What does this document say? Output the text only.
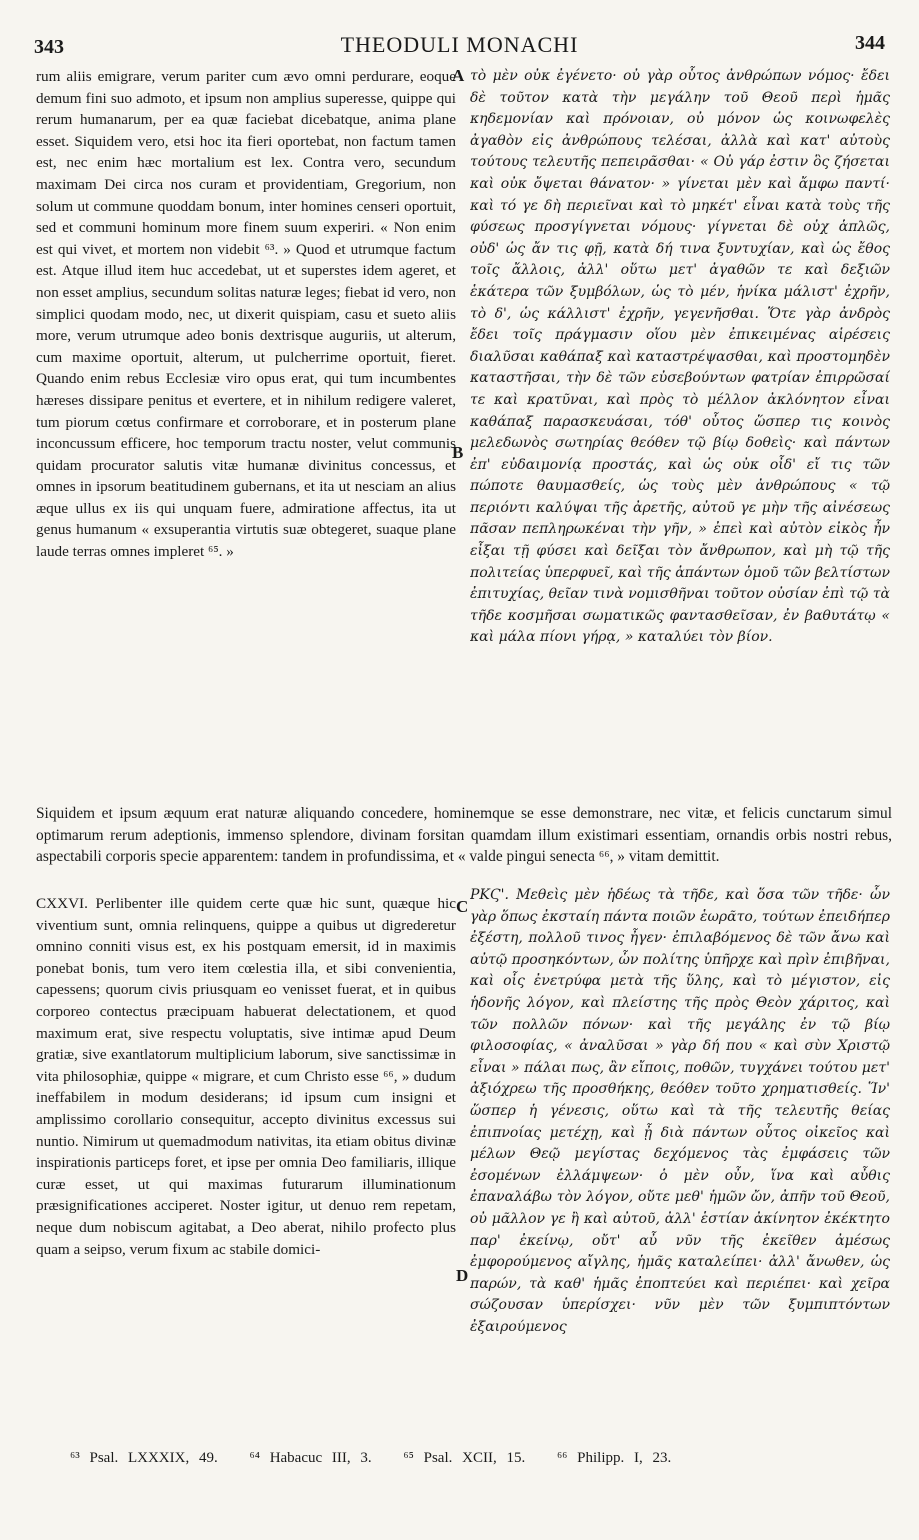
343	THEODULI MONACHI	344
A
B
C
D
rum aliis emigrare, verum pariter cum ævo omni perdurare, eoque demum fini suo admoto, et ipsum non amplius superesse, quippe qui rerum humanarum, per ea quæ faciebat dicebatque, anima plane esset. Siquidem vero, etsi hoc ita fieri oportebat, non factum tamen est, nec enim hæc mortalium est lex. Contra vero, secundum maximam Dei circa nos curam et providentiam, Gregorium, non solum ut commune quoddam bonum, inter homines censeri oportuit, sed et communi hominum more finem suum experiri. « Non enim est qui vivet, et mortem non videbit ⁶³. » Quod et utrumque factum est. Atque illud item huc accedebat, ut et superstes idem ageret, et non esset amplius, secundum solitas naturæ leges; fiebat id vero, non simplici quodam modo, nec, ut dixerit quispiam, casu et sueto aliis more, verum utrumque adeo bonis dextrisque auguriis, ut alterum, cum maxime oportuit, alterum, ut pulcherrime oportuit, fieret. Quando enim rebus Ecclesiæ viro opus erat, qui tum incumbentes hæreses dissipare penitus et evertere, et in nihilum redigere valeret, tum piorum cœtus confirmare et corroborare, et in posterum plane inconcussum efficere, hoc temporum tractu noster, velut communis quidam procurator salutis vitæ humanæ divinitus concessus, et omnes in ipsorum beatitudinem gubernans, et ita ut nesciam an alius æque ullus ex iis qui unquam fuere, admiratione affectus, ita ut genus humanum « exsuperantia virtutis suæ obtegeret, suaque plane laude terras omnes impleret ⁶⁵. »
τὸ μὲν οὐκ ἐγένετο· οὐ γὰρ οὗτος ἀνθρώπων νόμος· ἔδει δὲ τοῦτον κατὰ τὴν μεγάλην τοῦ Θεοῦ περὶ ἡμᾶς κηδεμονίαν καὶ πρόνοιαν, οὐ μόνον ὡς κοινωφελὲς ἀγαθὸν εἰς ἀνθρώπους τελέσαι, ἀλλὰ καὶ κατ' αὐτοὺς τούτους τελευτῆς πεπειρᾶσθαι· « Οὐ γάρ ἐστιν ὃς ζήσεται καὶ οὐκ ὄψεται θάνατον· » γίνεται μὲν καὶ ἄμφω παντί· καὶ τό γε δὴ περιεῖναι καὶ τὸ μηκέτ' εἶναι κατὰ τοὺς τῆς φύσεως προσγίγνεται νόμους· γίγνεται δὲ οὐχ ἁπλῶς, οὐδ' ὡς ἄν τις φῇ, κατὰ δή τινα ξυντυχίαν, καὶ ὡς ἔθος τοῖς ἄλλοις, ἀλλ' οὕτω μετ' ἀγαθῶν τε καὶ δεξιῶν ἑκάτερα τῶν ξυμβόλων, ὡς τὸ μέν, ἡνίκα μάλιστ' ἐχρῆν, τὸ δ', ὡς κάλλιστ' ἐχρῆν, γεγενῆσθαι. Ὅτε γὰρ ἀνδρὸς ἔδει τοῖς πράγμασιν οἵου μὲν ἐπικειμένας αἱρέσεις διαλῦσαι καθάπαξ καὶ καταστρέψασθαι, καὶ προστομηδὲν καταστῆσαι, τὴν δὲ τῶν εὐσεβούντων φατρίαν ἐπιρρῶσαί τε καὶ κρατῦναι, καὶ πρὸς τὸ μέλλον ἀκλόνητον εἶναι καθάπαξ παρασκευάσαι, τόθ' οὗτος ὥσπερ τις κοινὸς μελεδωνὸς σωτηρίας θεόθεν τῷ βίῳ δοθεὶς· καὶ πάντων ἐπ' εὐδαιμονίᾳ προστάς, καὶ ὡς οὐκ οἶδ' εἴ τις τῶν πώποτε θαυμασθείς, ὡς τοὺς μὲν ἀνθρώπους « τῷ περιόντι καλύψαι τῆς ἀρετῆς, αὐτοῦ γε μὴν τῆς αἰνέσεως πᾶσαν πεπληρωκέναι τὴν γῆν, » ἐπεὶ καὶ αὐτὸν εἰκὸς ἦν εἶξαι τῇ φύσει καὶ δεῖξαι τὸν ἄνθρωπον, καὶ μὴ τῷ τῆς πολιτείας ὑπερφυεῖ, καὶ τῆς ἁπάντων ὁμοῦ τῶν βελτίστων ἐπιτυχίας, θεῖαν τινὰ νομισθῆναι τοῦτον οὐσίαν ἐπὶ τῷ τὰ τῆδε κοσμῆσαι σωματικῶς φαντασθεῖσαν, ἐν βαθυτάτῳ « καὶ μάλα πίονι γήρᾳ, » καταλύει τὸν βίον.
Siquidem et ipsum æquum erat naturæ aliquando concedere, hominemque se esse demonstrare, nec vitæ, et felicis cunctarum simul optimarum rerum adeptionis, immenso splendore, divinam forsitan quamdam illum existimari essentiam, ornandis orbis nostri rebus, aspectabili corporis specie apparentem: tandem in profundissima, et « valde pingui senecta ⁶⁶, » vitam demittit.
CXXVI. Perlibenter ille quidem certe quæ hic sunt, quæque hic viventium sunt, omnia relinquens, quippe a quibus ut digrederetur omnino conniti visus est, ex his postquam emersit, id in maximis ponebat bonis, tum vero item cœlestia illa, et sibi convenientia, capessens; quorum civis priusquam eo venisset fuerat, et in quibus corporeo contectus præcipuam habuerat delectationem, et quod maximum erat, sive respectu voluptatis, sive intimæ apud Deum gratiæ, sive exantlatorum multiplicium laborum, sive sanctissimæ in vita philosophiæ, quippe « migrare, et cum Christo esse ⁶⁶, » dudum ineffabilem in modum desiderans; id ipsum cum insigni et amplissimo corollario consequitur, accepto divinitus excessus sui nuntio. Nimirum ut quemadmodum nativitas, ita etiam obitus divinæ inspirationis particeps foret, et ipse per omnia Deo familiaris, illique curæ esset, ut qui maximas futurarum illuminationum præsignificationes acciperet. Noster igitur, ut denuo rem repetam, neque dum nobiscum agitabat, a Deo aberat, nihilo profecto plus quam a seipso, verum fixum ac stabile domici-
ΡΚϚ'. Μεθεὶς μὲν ἡδέως τὰ τῆδε, καὶ ὅσα τῶν τῆδε· ὧν γὰρ ὅπως ἐκσταίη πάντα ποιῶν ἑωρᾶτο, τούτων ἐπειδήπερ ἐξέστη, πολλοῦ τινος ἦγεν· ἐπιλαβόμενος δὲ τῶν ἄνω καὶ αὐτῷ προσηκόντων, ὧν πολίτης ὑπῆρχε καὶ πρὶν ἐπιβῆναι, καὶ οἷς ἐνετρύφα μετὰ τῆς ὕλης, καὶ τὸ μέγιστον, εἰς ἡδονῆς λόγον, καὶ πλείστης τῆς πρὸς Θεὸν χάριτος, καὶ τῶν πολλῶν πόνων· καὶ τῆς μεγάλης ἐν τῷ βίῳ φιλοσοφίας, « ἀναλῦσαι » γὰρ δή που « καὶ σὺν Χριστῷ εἶναι » πάλαι πως, ἂν εἴποις, ποθῶν, τυγχάνει τούτου μετ' ἀξιόχρεω τῆς προσθήκης, θεόθεν τοῦτο χρηματισθείς. Ἵν' ὥσπερ ἡ γένεσις, οὕτω καὶ τὰ τῆς τελευτῆς θείας ἐπιπνοίας μετέχῃ, καὶ ᾖ διὰ πάντων οὗτος οἰκεῖος καὶ μέλων Θεῷ μεγίστας δεχόμενος τὰς ἐμφάσεις τῶν ἐσομένων ἐλλάμψεων· ὁ μὲν οὖν, ἵνα καὶ αὖθις ἐπαναλάβω τὸν λόγον, οὔτε μεθ' ἡμῶν ὤν, ἀπῆν τοῦ Θεοῦ, οὐ μᾶλλον γε ἢ καὶ αὐτοῦ, ἀλλ' ἑστίαν ἀκίνητον ἐκέκτητο παρ' ἐκείνῳ, οὔτ' αὖ νῦν τῆς ἐκεῖθεν ἀμέσως ἐμφορούμενος αἴγλης, ἡμᾶς καταλείπει· ἀλλ' ἄνωθεν, ὡς παρών, τὰ καθ' ἡμᾶς ἐποπτεύει καὶ περιέπει· καὶ χεῖρα σώζουσαν ὑπερίσχει· νῦν μὲν τῶν ξυμπιπτόντων ἐξαιρούμενος
⁶³ Psal. LXXXIX, 49. ⁶⁴ Habacuc III, 3. ⁶⁵ Psal. XCII, 15. ⁶⁶ Philipp. I, 23.
